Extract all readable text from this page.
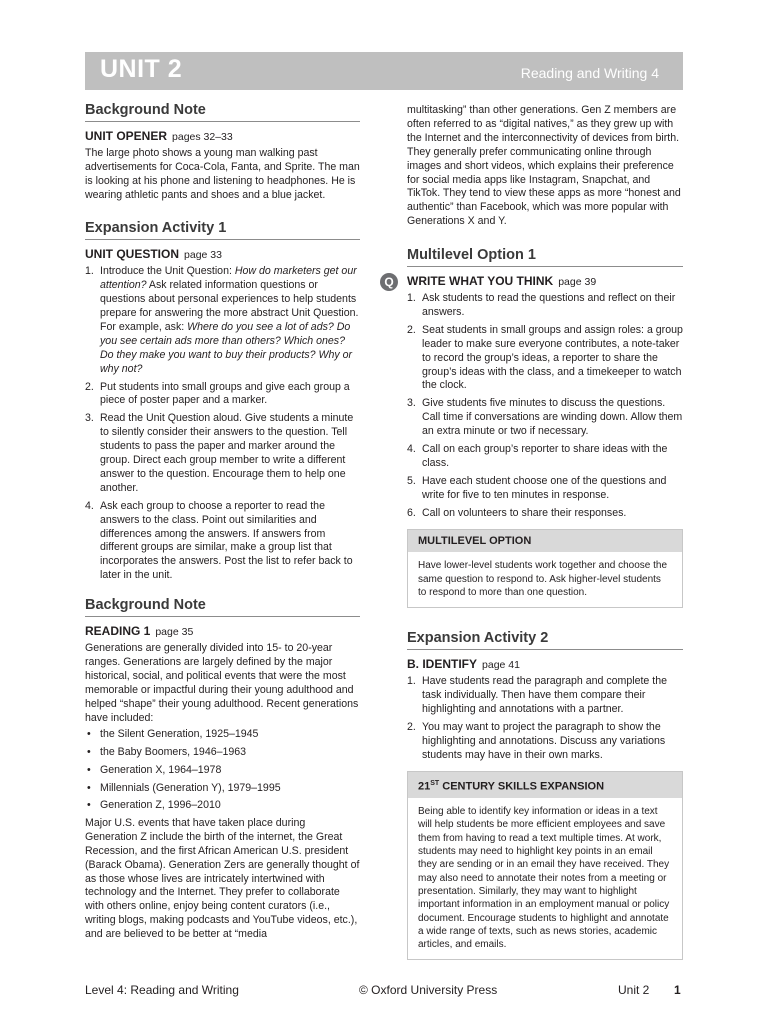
UNIT 2	Reading and Writing 4
Background Note
UNIT OPENER pages 32–33

The large photo shows a young man walking past advertisements for Coca-Cola, Fanta, and Sprite. The man is looking at his phone and listening to headphones. He is wearing athletic pants and shoes and a blue jacket.

Expansion Activity 1
UNIT QUESTION page 33
1. Introduce the Unit Question: How do marketers get our attention? Ask related information questions or questions about personal experiences to help students prepare for answering the more abstract Unit Question. For example, ask: Where do you see a lot of ads? Do you see certain ads more than others? Which ones? Do they make you want to buy their products? Why or why not?
2. Put students into small groups and give each group a piece of poster paper and a marker.
3. Read the Unit Question aloud. Give students a minute to silently consider their answers to the question. Tell students to pass the paper and marker around the group. Direct each group member to write a different answer to the question. Encourage them to help one another.
4. Ask each group to choose a reporter to read the answers to the class. Point out similarities and differences among the answers. If answers from different groups are similar, make a group list that incorporates the answers. Post the list to refer back to later in the unit.
Background Note
READING 1 page 35

Generations are generally divided into 15- to 20-year ranges. Generations are largely defined by the major historical, social, and political events that were the most memorable or impactful during their young adulthood and helped “shape” their young adulthood. Recent generations have included:

• the Silent Generation, 1925–1945
• the Baby Boomers, 1946–1963
• Generation X, 1964–1978
• Millennials (Generation Y), 1979–1995
• Generation Z, 1996–2010

Major U.S. events that have taken place during Generation Z include the birth of the internet, the Great Recession, and the first African American U.S. president (Barack Obama). Generation Zers are generally thought of as those whose lives are intricately intertwined with technology and the Internet. They prefer to collaborate with others online, enjoy being content curators (i.e., writing blogs, making podcasts and YouTube videos, etc.), and are believed to be better at “media

multitasking” than other generations. Gen Z members are often referred to as “digital natives,” as they grew up with the Internet and the interconnectivity of devices from birth. They generally prefer communicating online through images and short videos, which explains their preference for social media apps like Instagram, Snapchat, and TikTok. They tend to view these apps as more “honest and authentic” than Facebook, which was more popular with Generations X and Y.

Multilevel Option 1
Q	WRITE WHAT YOU THINK page 39
1. Ask students to read the questions and reflect on their answers.
2. Seat students in small groups and assign roles: a group leader to make sure everyone contributes, a note-taker to record the group’s ideas, a reporter to share the group’s ideas with the class, and a timekeeper to watch the clock.
3. Give students five minutes to discuss the questions. Call time if conversations are winding down. Allow them an extra minute or two if necessary.
4. Call on each group’s reporter to share ideas with the class.
5. Have each student choose one of the questions and write for five to ten minutes in response.
6. Call on volunteers to share their responses.
MULTILEVEL OPTION
Have lower-level students work together and choose the same question to respond to. Ask higher-level students to respond to more than one question.
Expansion Activity 2
B. IDENTIFY page 41
1. Have students read the paragraph and complete the task individually. Then have them compare their highlighting and annotations with a partner.
2. You may want to project the paragraph to show the highlighting and annotations. Discuss any variations students may have in their own marks.
21ST CENTURY SKILLS EXPANSION
Being able to identify key information or ideas in a text will help students be more efficient employees and save them from having to read a text multiple times. At work, students may need to highlight key points in an email they are sending or in an email they have received. They may also need to annotate their notes from a meeting or presentation. Similarly, they may want to highlight important information in an employment manual or policy document. Encourage students to highlight and annotate a wide range of texts, such as news stories, academic articles, and emails.
Level 4: Reading and Writing	© Oxford University Press	Unit 2 1
